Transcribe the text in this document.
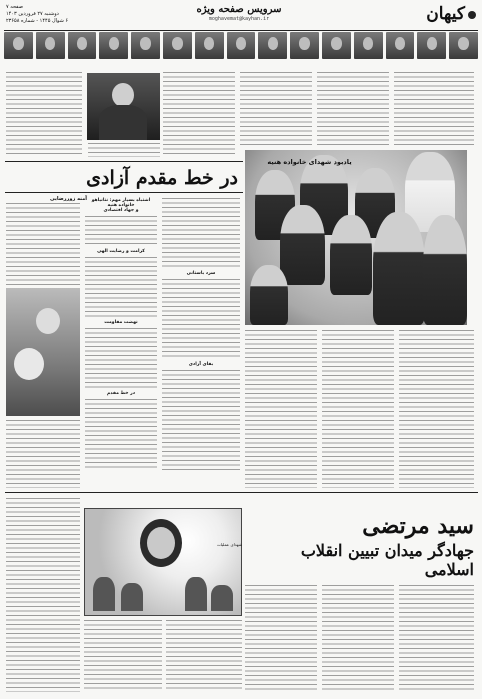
کیهان
سرویس صفحه ویژه
moghavemat@kayhan.ir
صفحه ۷
دوشنبه ۲۷ فروردین ۱۴۰۳
۶ شوال ۱۴۴۵ - شماره ۲۳۶۵۸
یادبود شهدای خانواده هنیه
در خط مقدم آزادی
آمنه زوررضایی	اشتباه بسیار مهم: نتانیاهو خانواده هنیه
و جهاد اقتصادی
کرامت و رضایت الهی
نهضت مقاومت
در خط مقدم
سرد باستانی
بقای آزادی
شهدای عملیات
سید مرتضی
جهادگر میدان تبیین انقلاب اسلامی
